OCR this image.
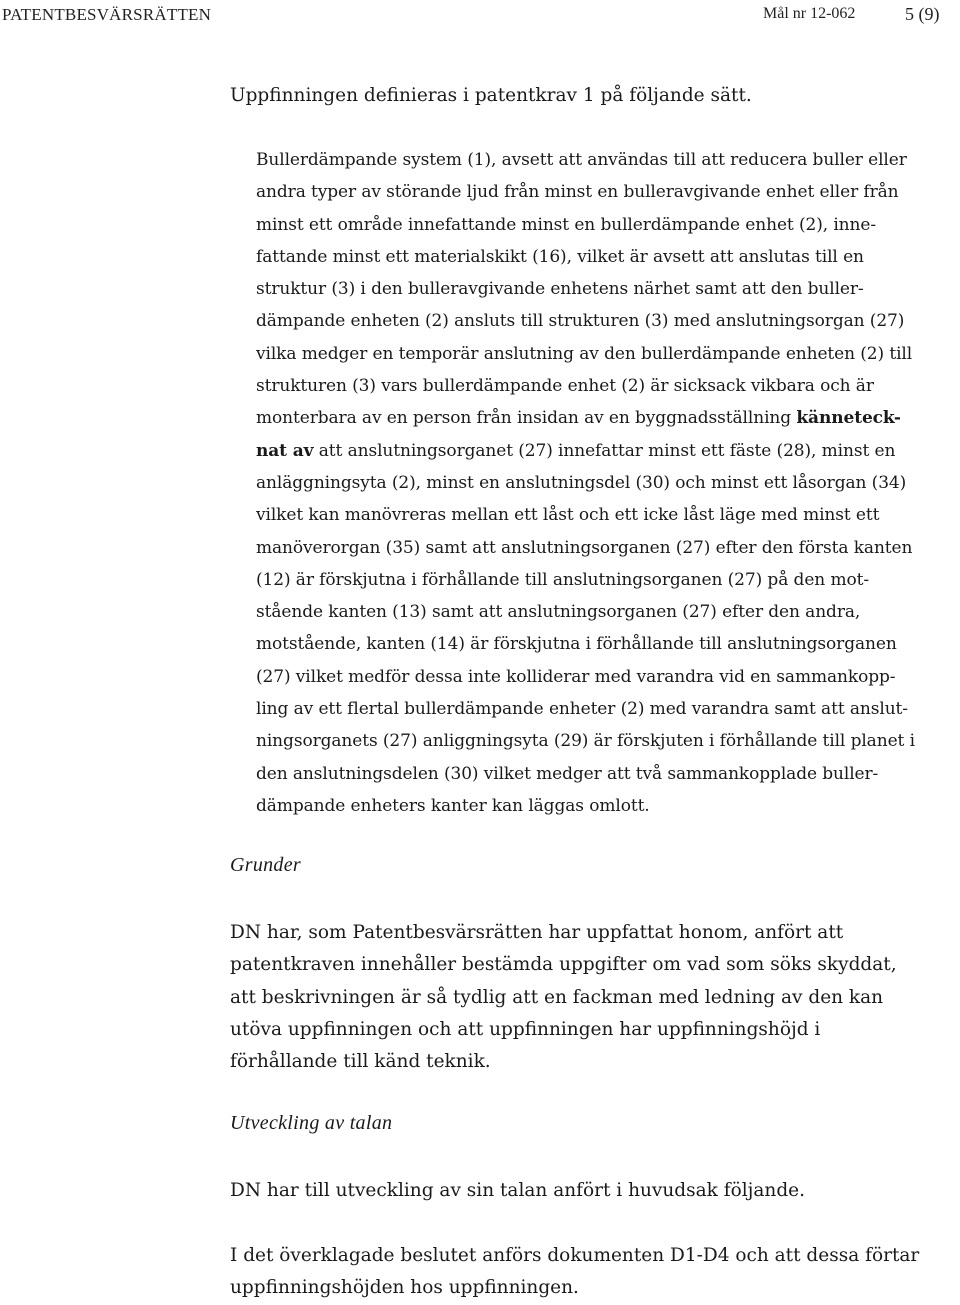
PATENTBESVÄRSRÄTTEN	Mål nr 12-062	5 (9)

Uppfinningen definieras i patentkrav 1 på följande sätt.

Bullerdämpande system (1), avsett att användas till att reducera buller eller
andra typer av störande ljud från minst en bulleravgivande enhet eller från
minst ett område innefattande minst en bullerdämpande enhet (2), inne-
fattande minst ett materialskikt (16), vilket är avsett att anslutas till en
struktur (3) i den bulleravgivande enhetens närhet samt att den buller-
dämpande enheten (2) ansluts till strukturen (3) med anslutningsorgan (27)
vilka medger en temporär anslutning av den bullerdämpande enheten (2) till
strukturen (3) vars bullerdämpande enhet (2) är sicksack vikbara och är
monterbara av en person från insidan av en byggnadsställning känneteck-
nat av att anslutningsorganet (27) innefattar minst ett fäste (28), minst en
anläggningsyta (2), minst en anslutningsdel (30) och minst ett låsorgan (34)
vilket kan manövreras mellan ett låst och ett icke låst läge med minst ett
manöverorgan (35) samt att anslutningsorganen (27) efter den första kanten
(12) är förskjutna i förhållande till anslutningsorganen (27) på den mot-
stående kanten (13) samt att anslutningsorganen (27) efter den andra,
motstående, kanten (14) är förskjutna i förhållande till anslutningsorganen
(27) vilket medför dessa inte kolliderar med varandra vid en sammankopp-
ling av ett flertal bullerdämpande enheter (2) med varandra samt att anslut-
ningsorganets (27) anliggningsyta (29) är förskjuten i förhållande till planet i
den anslutningsdelen (30) vilket medger att två sammankopplade buller-
dämpande enheters kanter kan läggas omlott.
Grunder
DN har, som Patentbesvärsrätten har uppfattat honom, anfört att
patentkraven innehåller bestämda uppgifter om vad som söks skyddat,
att beskrivningen är så tydlig att en fackman med ledning av den kan
utöva uppfinningen och att uppfinningen har uppfinningshöjd i
förhållande till känd teknik.
Utveckling av talan
DN har till utveckling av sin talan anfört i huvudsak följande.
I det överklagade beslutet anförs dokumenten D1-D4 och att dessa förtar
uppfinningshöjden hos uppfinningen.
